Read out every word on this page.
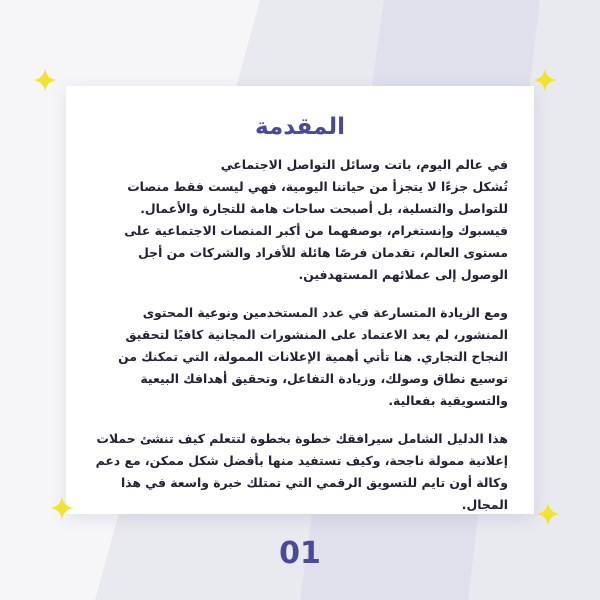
المقدمة

في عالم اليوم، باتت وسائل التواصل الاجتماعي
تُشكل جزءًا لا يتجزأ من حياتنا اليومية، فهي ليست فقط منصات للتواصل والتسلية، بل أصبحت ساحات هامة للتجارة والأعمال. فيسبوك وإنستغرام، بوصفهما من أكبر المنصات الاجتماعية على مستوى العالم، تقدمان فرصًا هائلة للأفراد والشركات من أجل الوصول إلى عملائهم المستهدفين.

ومع الزيادة المتسارعة في عدد المستخدمين ونوعية المحتوى المنشور، لم يعد الاعتماد على المنشورات المجانية كافيًا لتحقيق النجاح التجاري. هنا تأتي أهمية الإعلانات الممولة، التي تمكنك من توسيع نطاق وصولك، وزيادة التفاعل، وتحقيق أهدافك البيعية والتسويقية بفعالية.

هذا الدليل الشامل سيرافقك خطوة بخطوة لتتعلم كيف تنشئ حملات إعلانية ممولة ناجحة، وكيف تستفيد منها بأفضل شكل ممكن، مع دعم وكالة أون تايم للتسويق الرقمي التي تمتلك خبرة واسعة في هذا المجال.

01
